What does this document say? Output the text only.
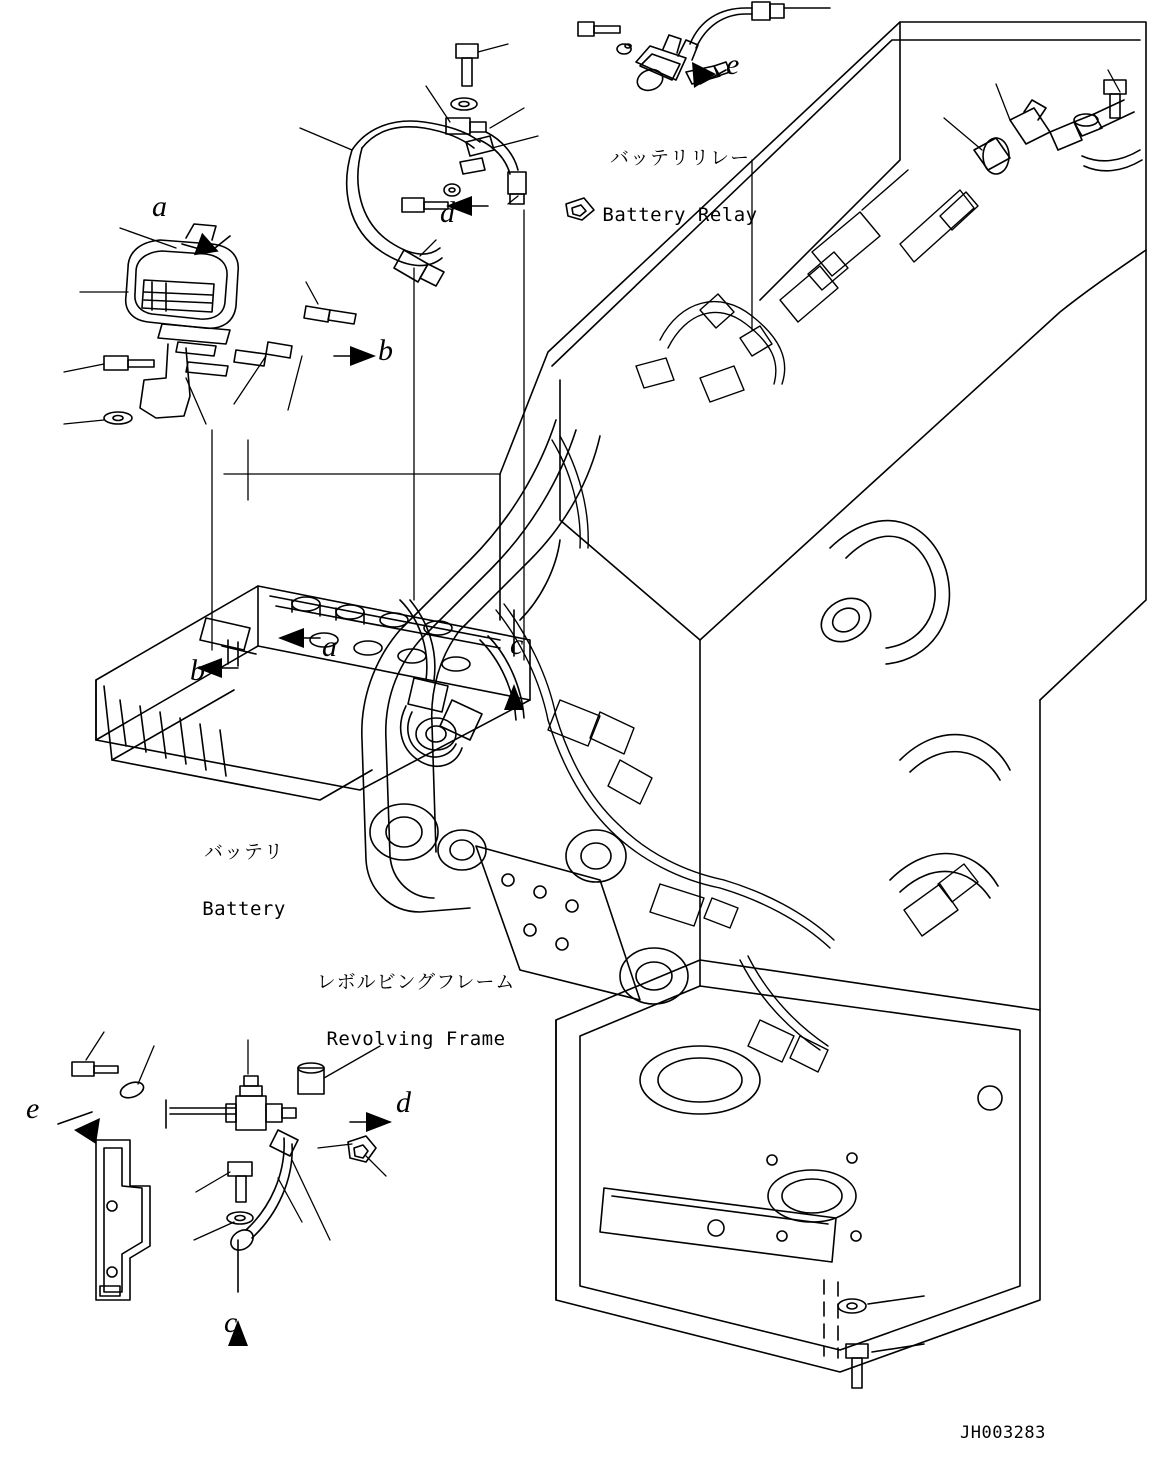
a
b
d
e
a
b
c
e	d
c

バッテリリレー

Battery Relay

バッテリ

Battery

レボルビングフレーム

Revolving Frame

JH003283
